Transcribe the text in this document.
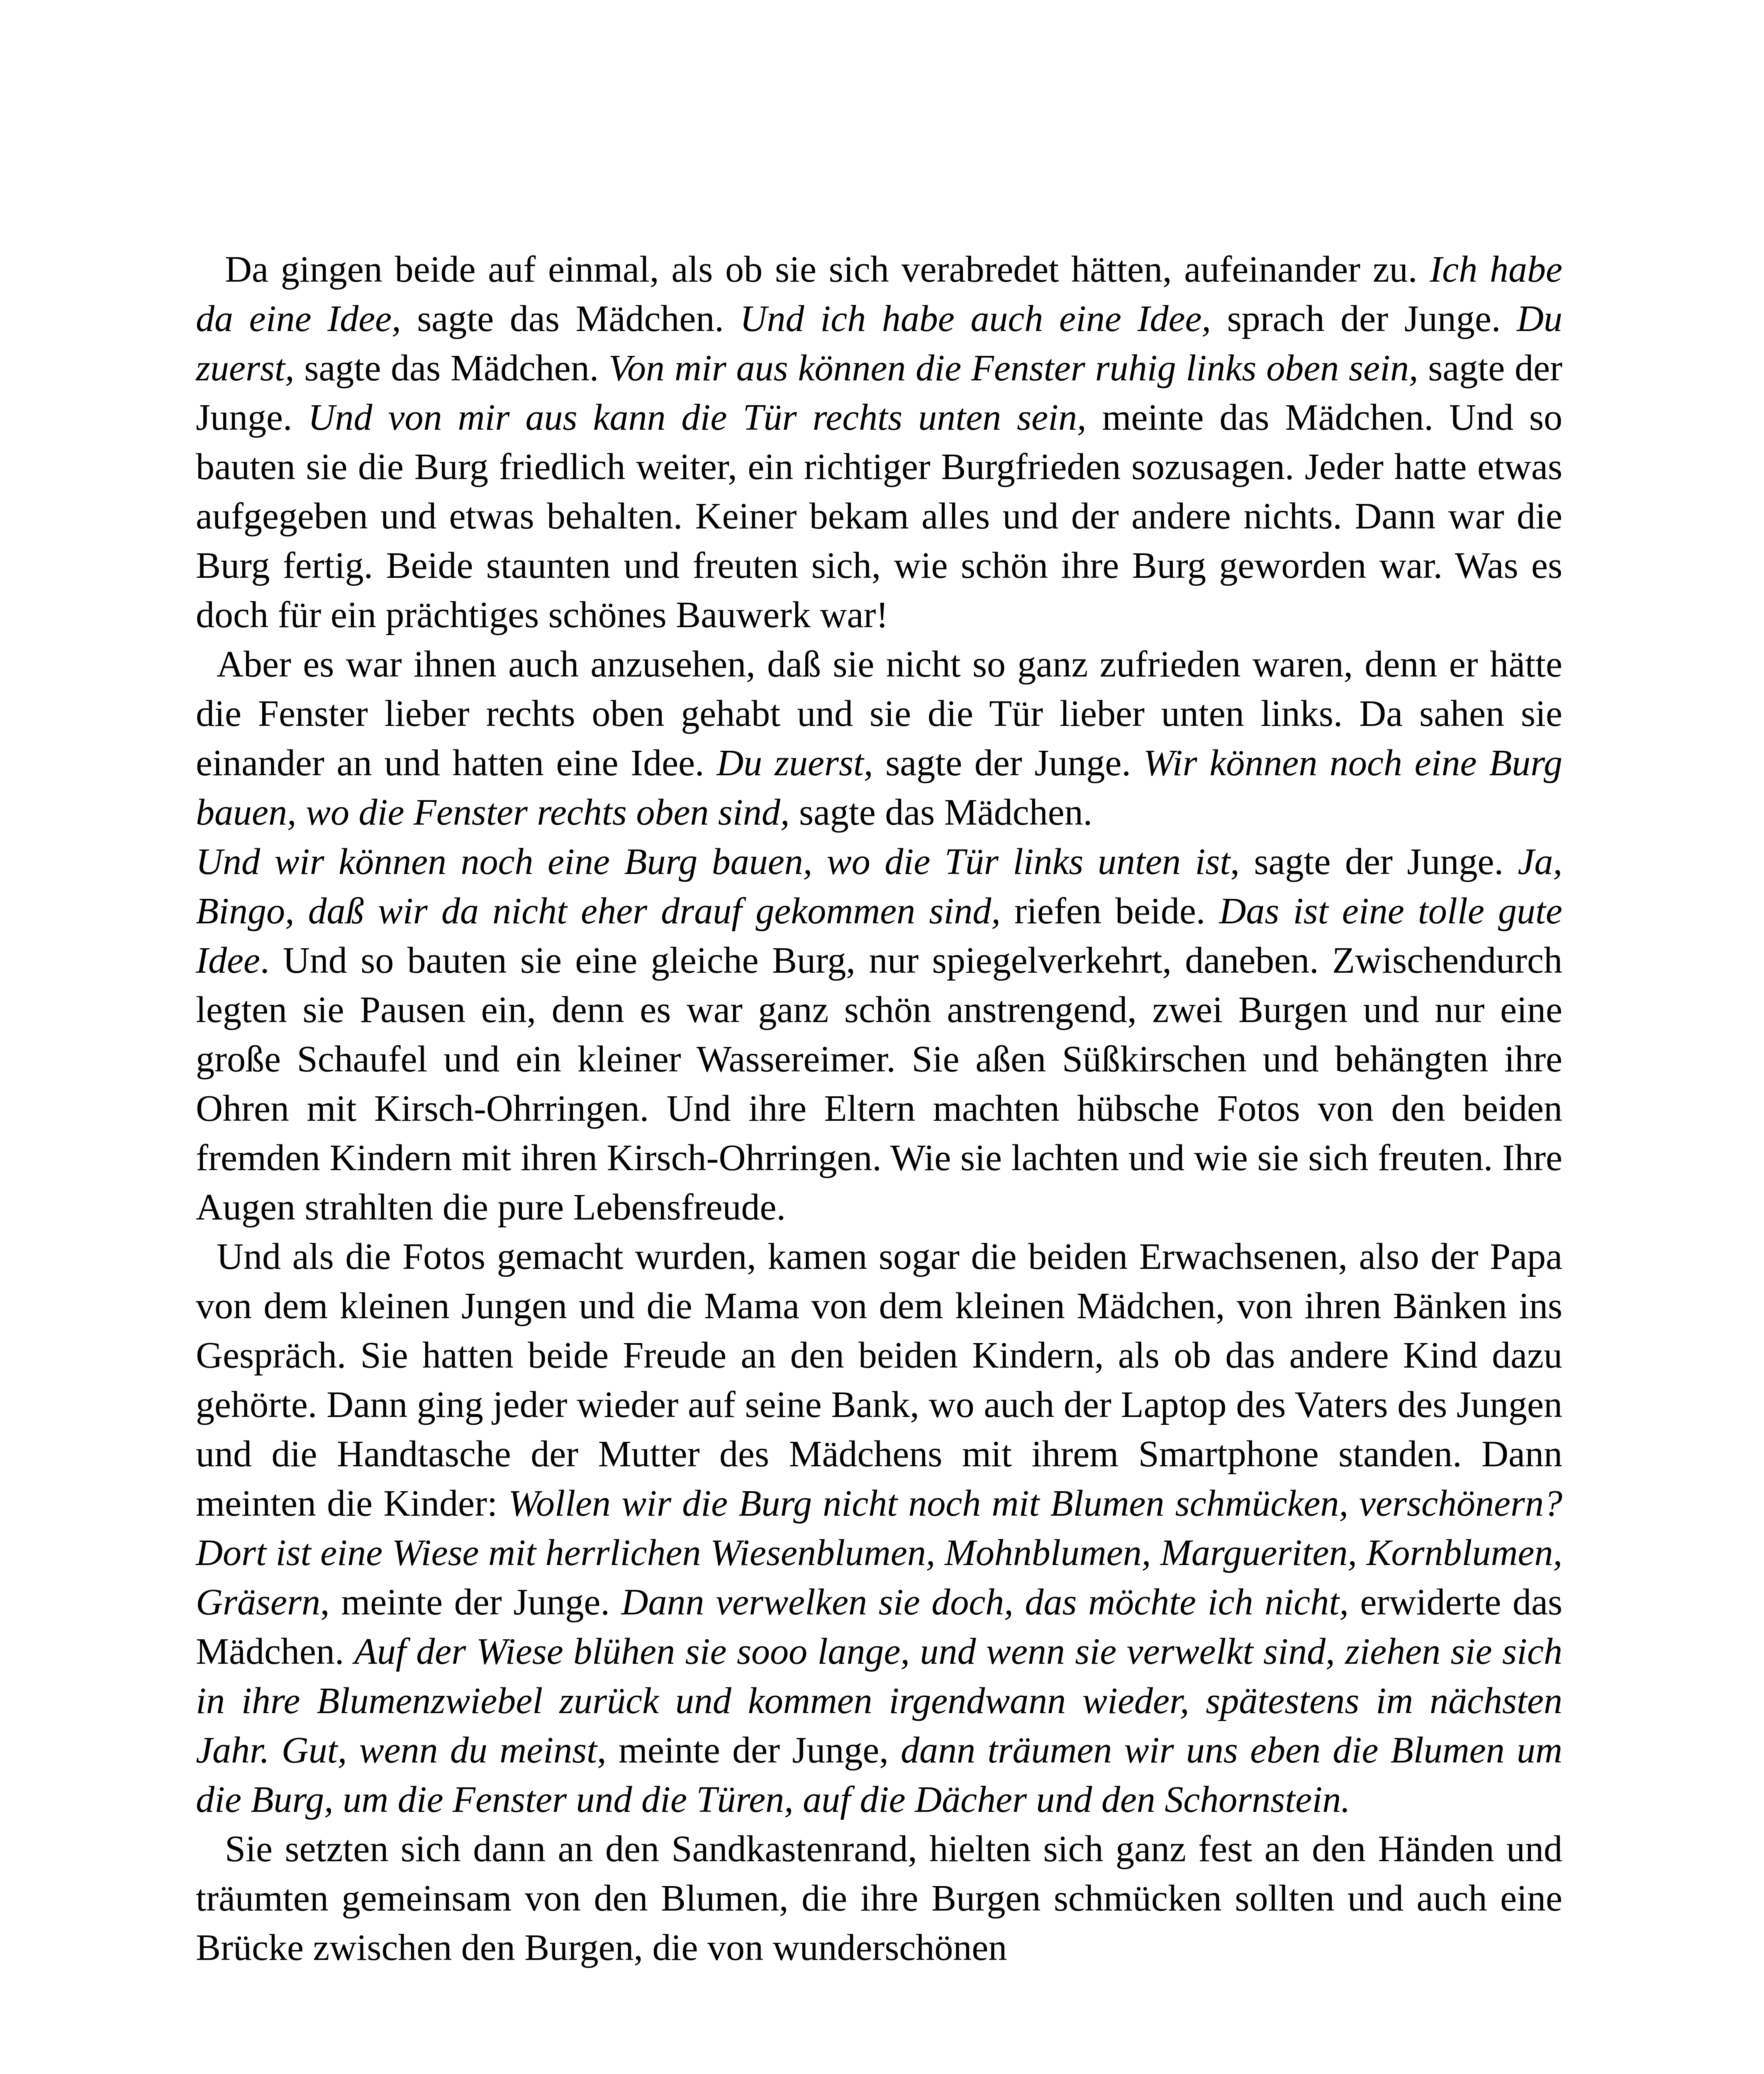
Da gingen beide auf einmal, als ob sie sich verabredet hätten, aufeinander zu. Ich habe da eine Idee, sagte das Mädchen. Und ich habe auch eine Idee, sprach der Junge. Du zuerst, sagte das Mädchen. Von mir aus können die Fenster ruhig links oben sein, sagte der Junge. Und von mir aus kann die Tür rechts unten sein, meinte das Mädchen. Und so bauten sie die Burg friedlich weiter, ein richtiger Burgfrieden sozusagen. Jeder hatte etwas aufgegeben und etwas behalten. Keiner bekam alles und der andere nichts. Dann war die Burg fertig. Beide staunten und freuten sich, wie schön ihre Burg geworden war. Was es doch für ein prächtiges schönes Bauwerk war!

Aber es war ihnen auch anzusehen, daß sie nicht so ganz zufrieden waren, denn er hätte die Fenster lieber rechts oben gehabt und sie die Tür lieber unten links. Da sahen sie einander an und hatten eine Idee. Du zuerst, sagte der Junge. Wir können noch eine Burg bauen, wo die Fenster rechts oben sind, sagte das Mädchen.

Und wir können noch eine Burg bauen, wo die Tür links unten ist, sagte der Junge. Ja, Bingo, daß wir da nicht eher drauf gekommen sind, riefen beide. Das ist eine tolle gute Idee. Und so bauten sie eine gleiche Burg, nur spiegelverkehrt, daneben. Zwischendurch legten sie Pausen ein, denn es war ganz schön anstrengend, zwei Burgen und nur eine große Schaufel und ein kleiner Wassereimer. Sie aßen Süßkirschen und behängten ihre Ohren mit Kirsch-Ohrringen. Und ihre Eltern machten hübsche Fotos von den beiden fremden Kindern mit ihren Kirsch-Ohrringen. Wie sie lachten und wie sie sich freuten. Ihre Augen strahlten die pure Lebensfreude.

Und als die Fotos gemacht wurden, kamen sogar die beiden Erwachsenen, also der Papa von dem kleinen Jungen und die Mama von dem kleinen Mädchen, von ihren Bänken ins Gespräch. Sie hatten beide Freude an den beiden Kindern, als ob das andere Kind dazu gehörte. Dann ging jeder wieder auf seine Bank, wo auch der Laptop des Vaters des Jungen und die Handtasche der Mutter des Mädchens mit ihrem Smartphone standen. Dann meinten die Kinder: Wollen wir die Burg nicht noch mit Blumen schmücken, verschönern? Dort ist eine Wiese mit herrlichen Wiesenblumen, Mohnblumen, Margueriten, Kornblumen, Gräsern, meinte der Junge. Dann verwelken sie doch, das möchte ich nicht, erwiderte das Mädchen. Auf der Wiese blühen sie sooo lange, und wenn sie verwelkt sind, ziehen sie sich in ihre Blumenzwiebel zurück und kommen irgendwann wieder, spätestens im nächsten Jahr. Gut, wenn du meinst, meinte der Junge, dann träumen wir uns eben die Blumen um die Burg, um die Fenster und die Türen, auf die Dächer und den Schornstein.

Sie setzten sich dann an den Sandkastenrand, hielten sich ganz fest an den Händen und träumten gemeinsam von den Blumen, die ihre Burgen schmücken sollten und auch eine Brücke zwischen den Burgen, die von wunderschönen
